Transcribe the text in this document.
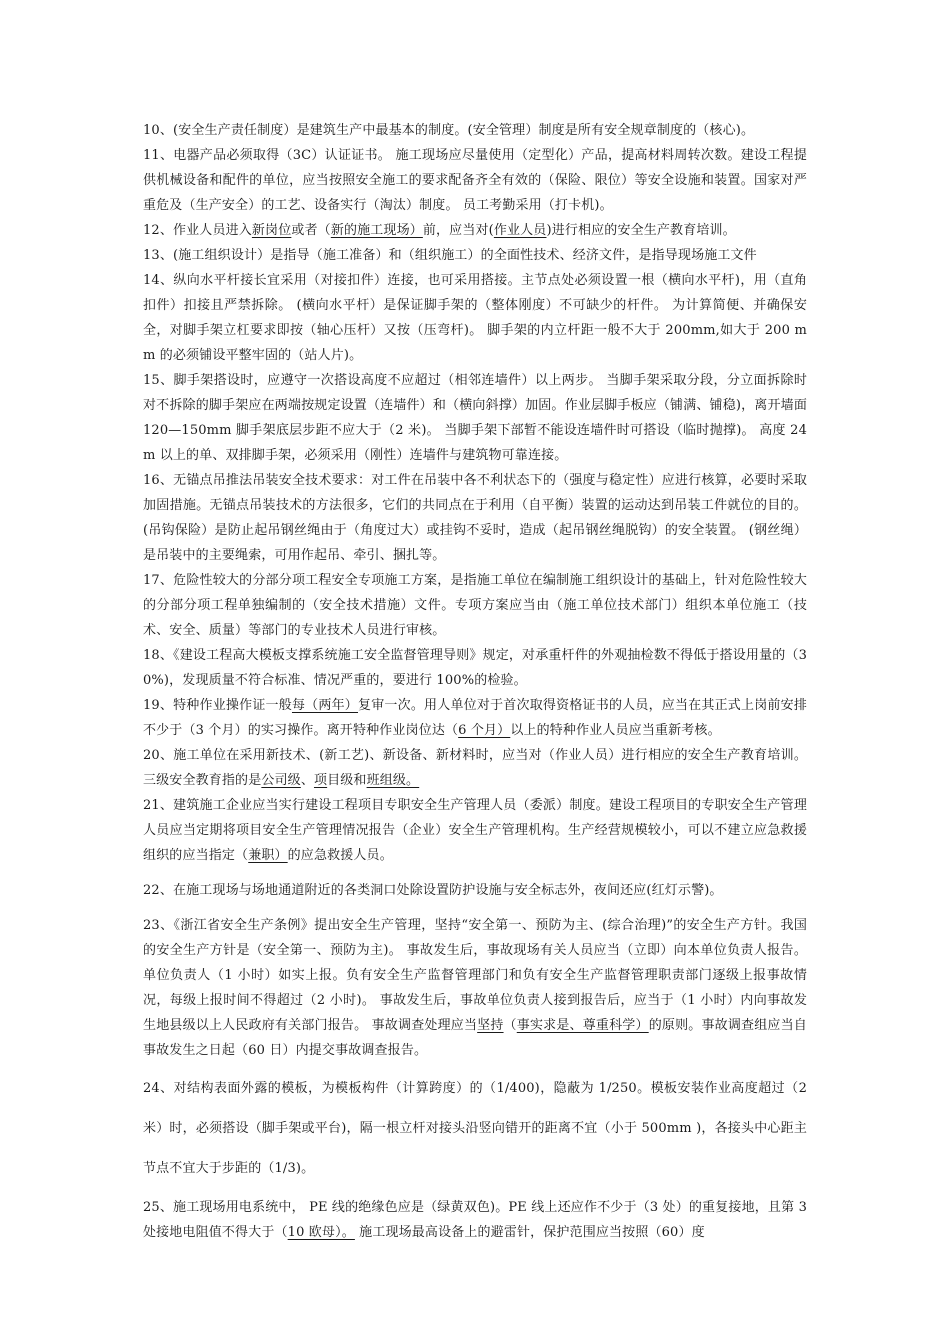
10、(安全生产责任制度）是建筑生产中最基本的制度。(安全管理）制度是所有安全规章制度的（核心)。

11、电器产品必须取得（3C）认证证书。 施工现场应尽量使用（定型化）产品，提高材料周转次数。建设工程提供机械设备和配件的单位，应当按照安全施工的要求配备齐全有效的（保险、限位）等安全设施和装置。国家对严重危及（生产安全）的工艺、设备实行（淘汰）制度。 员工考勤采用（打卡机)。

12、作业人员进入新岗位或者（新的施工现场）前，应当对(作业人员)进行相应的安全生产教育培训。

13、(施工组织设计）是指导（施工准备）和（组织施工）的全面性技术、经济文件，是指导现场施工文件

14、纵向水平杆接长宜采用（对接扣件）连接，也可采用搭接。主节点处必须设置一根（横向水平杆)，用（直角扣件）扣接且严禁拆除。 (横向水平杆）是保证脚手架的（整体刚度）不可缺少的杆件。 为计算简便、并确保安全，对脚手架立杠要求即按（轴心压杆）又按（压弯杆)。 脚手架的内立杆距一般不大于 200mm,如大于 200 mm 的必须铺设平整牢固的（站人片)。

15、脚手架搭设时，应遵守一次搭设高度不应超过（相邻连墙件）以上两步。 当脚手架采取分段，分立面拆除时对不拆除的脚手架应在两端按规定设置（连墙件）和（横向斜撑）加固。作业层脚手板应（铺满、铺稳)，离开墙面 120—150mm 脚手架底层步距不应大于（2 米)。 当脚手架下部暂不能设连墙件时可搭设（临时抛撑)。 高度 24m 以上的单、双排脚手架，必须采用（刚性）连墙件与建筑物可靠连接。

16、无锚点吊推法吊装安全技术要求：对工件在吊装中各不利状态下的（强度与稳定性）应进行核算，必要时采取加固措施。无锚点吊装技术的方法很多，它们的共同点在于利用（自平衡）装置的运动达到吊装工件就位的目的。 (吊钩保险）是防止起吊钢丝绳由于（角度过大）或挂钩不妥时，造成（起吊钢丝绳脱钩）的安全装置。 (钢丝绳）是吊装中的主要绳索，可用作起吊、牵引、捆扎等。

17、危险性较大的分部分项工程安全专项施工方案，是指施工单位在编制施工组织设计的基础上，针对危险性较大的分部分项工程单独编制的（安全技术措施）文件。专项方案应当由（施工单位技术部门）组织本单位施工（技术、安全、质量）等部门的专业技术人员进行审核。

18、《建设工程高大模板支撑系统施工安全监督管理导则》规定，对承重杆件的外观抽检数不得低于搭设用量的（30%)，发现质量不符合标准、情况严重的，要进行 100%的检验。

19、特种作业操作证一般每（两年）复审一次。用人单位对于首次取得资格证书的人员，应当在其正式上岗前安排不少于（3 个月）的实习操作。离开特种作业岗位达（6 个月）以上的特种作业人员应当重新考核。

20、施工单位在采用新技术、(新工艺)、新设备、新材料时，应当对（作业人员）进行相应的安全生产教育培训。 三级安全教育指的是公司级、项目级和班组级。

21、建筑施工企业应当实行建设工程项目专职安全生产管理人员（委派）制度。建设工程项目的专职安全生产管理人员应当定期将项目安全生产管理情况报告（企业）安全生产管理机构。生产经营规模较小，可以不建立应急救援组织的应当指定（兼职）的应急救援人员。

22、在施工现场与场地通道附近的各类洞口处除设置防护设施与安全标志外，夜间还应(红灯示警)。

23、《浙江省安全生产条例》提出安全生产管理，坚持“安全第一、预防为主、(综合治理)”的安全生产方针。我国的安全生产方针是（安全第一、预防为主)。 事故发生后，事故现场有关人员应当（立即）向本单位负责人报告。单位负责人（1 小时）如实上报。负有安全生产监督管理部门和负有安全生产监督管理职责部门逐级上报事故情况，每级上报时间不得超过（2 小时)。 事故发生后，事故单位负责人接到报告后，应当于（1 小时）内向事故发生地县级以上人民政府有关部门报告。 事故调查处理应当坚持（事实求是、尊重科学）的原则。事故调查组应当自事故发生之日起（60 日）内提交事故调查报告。

24、对结构表面外露的模板，为模板构件（计算跨度）的（1/400)，隐蔽为 1/250。模板安装作业高度超过（2 米）时，必须搭设（脚手架或平台)，隔一根立杆对接头沿竖向错开的距离不宜（小于 500mm )，各接头中心距主节点不宜大于步距的（1/3)。

25、施工现场用电系统中， PE 线的绝缘色应是（绿黄双色)。PE 线上还应作不少于（3 处）的重复接地，且第 3 处接地电阻值不得大于（10 欧母）。 施工现场最高设备上的避雷针，保护范围应当按照（60）度
